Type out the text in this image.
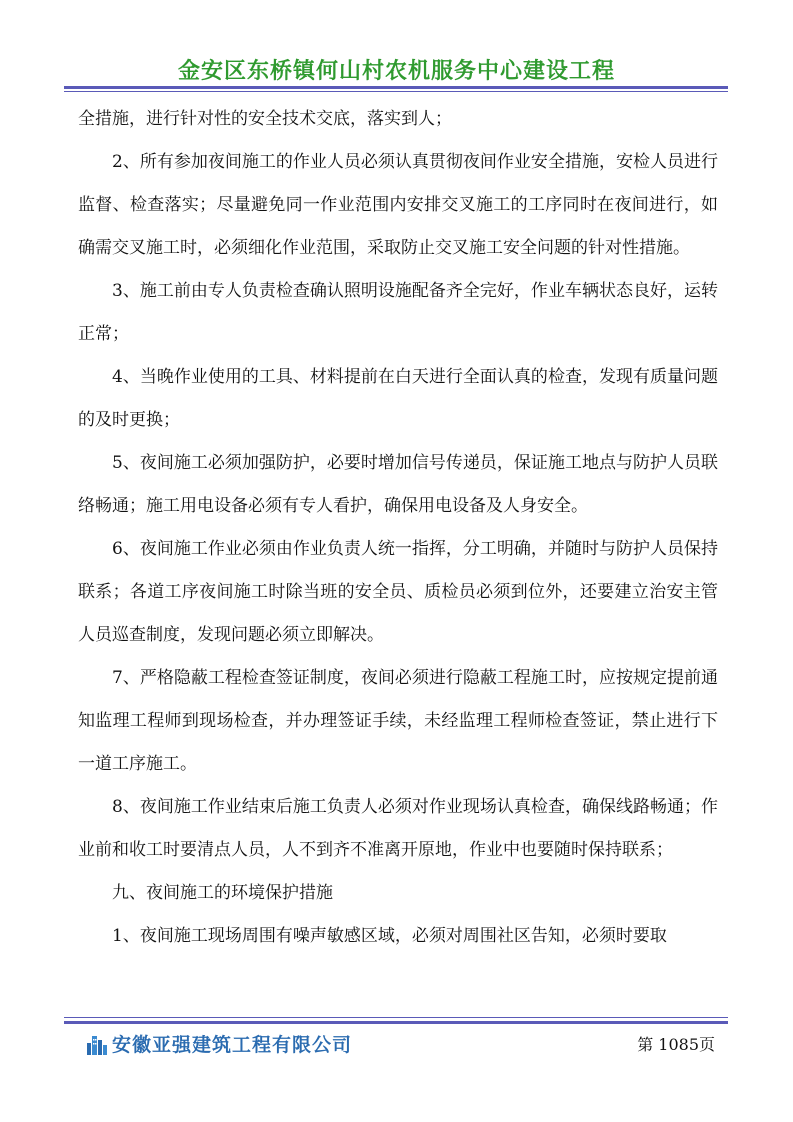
金安区东桥镇何山村农机服务中心建设工程

全措施，进行针对性的安全技术交底，落实到人；

2、所有参加夜间施工的作业人员必须认真贯彻夜间作业安全措施，安检人员进行监督、检查落实；尽量避免同一作业范围内安排交叉施工的工序同时在夜间进行，如确需交叉施工时，必须细化作业范围，采取防止交叉施工安全问题的针对性措施。

3、施工前由专人负责检查确认照明设施配备齐全完好，作业车辆状态良好，运转正常；

4、当晚作业使用的工具、材料提前在白天进行全面认真的检查，发现有质量问题的及时更换；

5、夜间施工必须加强防护，必要时增加信号传递员，保证施工地点与防护人员联络畅通；施工用电设备必须有专人看护，确保用电设备及人身安全。

6、夜间施工作业必须由作业负责人统一指挥，分工明确，并随时与防护人员保持联系；各道工序夜间施工时除当班的安全员、质检员必须到位外，还要建立治安主管人员巡查制度，发现问题必须立即解决。

7、严格隐蔽工程检查签证制度，夜间必须进行隐蔽工程施工时，应按规定提前通知监理工程师到现场检查，并办理签证手续，未经监理工程师检查签证，禁止进行下一道工序施工。

8、夜间施工作业结束后施工负责人必须对作业现场认真检查，确保线路畅通；作业前和收工时要清点人员，人不到齐不准离开原地，作业中也要随时保持联系；

九、夜间施工的环境保护措施

1、夜间施工现场周围有噪声敏感区域，必须对周围社区告知，必须时要取

安徽亚强建筑工程有限公司	第 1085页
